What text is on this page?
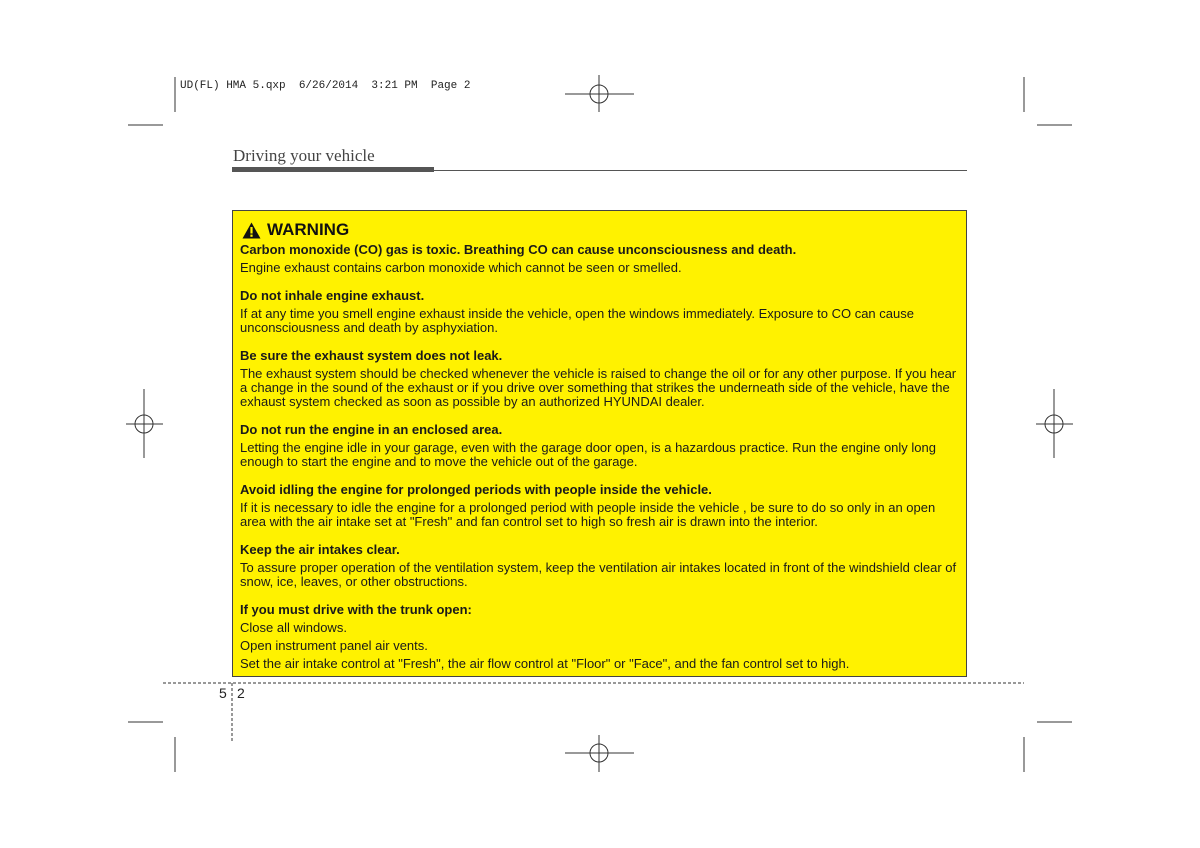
UD(FL) HMA 5.qxp  6/26/2014  3:21 PM  Page 2
Driving your vehicle
WARNING
Carbon monoxide (CO) gas is toxic. Breathing CO can cause unconsciousness and death.
Engine exhaust contains carbon monoxide which cannot be seen or smelled.
Do not inhale engine exhaust.
If at any time you smell engine exhaust inside the vehicle, open the windows immediately. Exposure to CO can cause unconsciousness and death by asphyxiation.
Be sure the exhaust system does not leak.
The exhaust system should be checked whenever the vehicle is raised to change the oil or for any other purpose. If you hear a change in the sound of the exhaust or if you drive over something that strikes the underneath side of the vehicle, have the exhaust system checked as soon as possible by an authorized HYUNDAI dealer.
Do not run the engine in an enclosed area.
Letting the engine idle in your garage, even with the garage door open, is a hazardous practice. Run the engine only long enough to start the engine and to move the vehicle out of the garage.
Avoid idling the engine for prolonged periods with people inside the vehicle.
If it is necessary to idle the engine for a prolonged period with people inside the vehicle , be sure to do so only in an open area with the air intake set at "Fresh" and fan control set to high so fresh air is drawn into the interior.
Keep the air intakes clear.
To assure proper operation of the ventilation system, keep the ventilation air intakes located in front of the windshield clear of snow, ice, leaves, or other obstructions.
If you must drive with the trunk open:
Close all windows.
Open instrument panel air vents.
Set the air intake control at "Fresh", the air flow control at "Floor" or "Face", and the fan control set to high.
5 2
